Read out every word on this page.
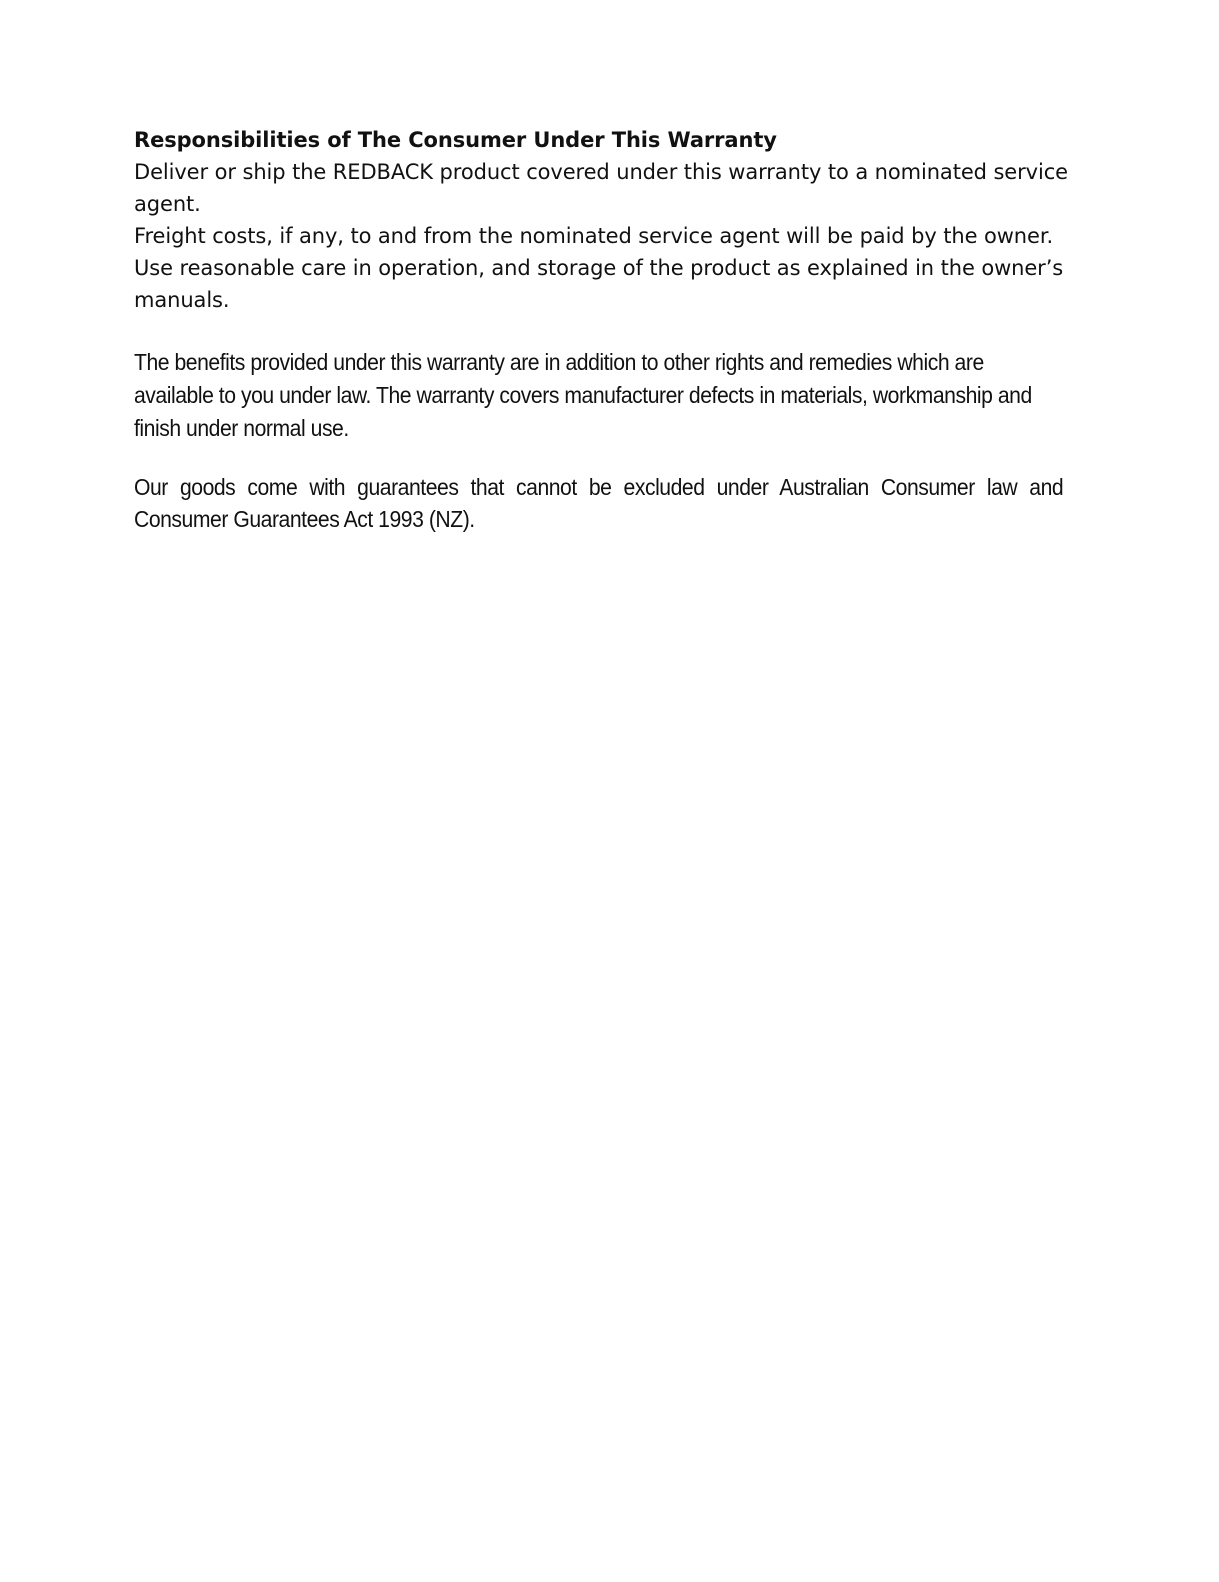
Responsibilities of The Consumer Under This Warranty

Deliver or ship the REDBACK product covered under this warranty to a nominated service agent.

Freight costs, if any, to and from the nominated service agent will be paid by the owner.

Use reasonable care in operation, and storage of the product as explained in the owner’s manuals.

The benefits provided under this warranty are in addition to other rights and remedies which are available to you under law. The warranty covers manufacturer defects in materials, workmanship and finish under normal use.

Our goods come with guarantees that cannot be excluded under Australian Consumer law and
Consumer Guarantees Act 1993 (NZ).
